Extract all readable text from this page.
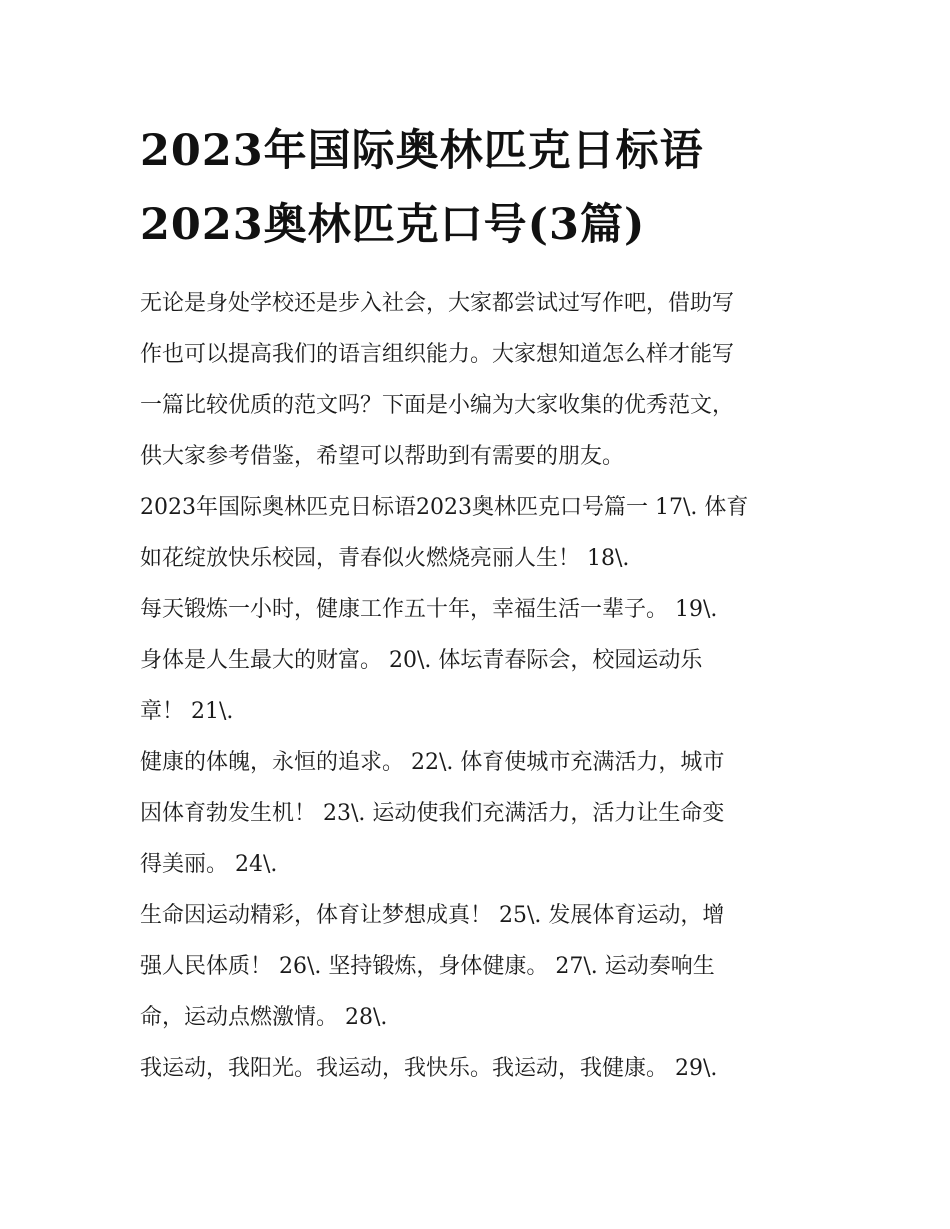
2023年国际奥林匹克日标语
2023奥林匹克口号(3篇)
无论是身处学校还是步入社会，大家都尝试过写作吧，借助写
作也可以提高我们的语言组织能力。大家想知道怎么样才能写
一篇比较优质的范文吗？下面是小编为大家收集的优秀范文，
供大家参考借鉴，希望可以帮助到有需要的朋友。
2023年国际奥林匹克日标语2023奥林匹克口号篇一 17\. 体育
如花绽放快乐校园，青春似火燃烧亮丽人生！ 18\.
每天锻炼一小时，健康工作五十年，幸福生活一辈子。 19\.
身体是人生最大的财富。 20\. 体坛青春际会，校园运动乐
章！ 21\.
健康的体魄，永恒的追求。 22\. 体育使城市充满活力，城市
因体育勃发生机！ 23\. 运动使我们充满活力，活力让生命变
得美丽。 24\.
生命因运动精彩，体育让梦想成真！ 25\. 发展体育运动，增
强人民体质！ 26\. 坚持锻炼，身体健康。 27\. 运动奏响生
命，运动点燃激情。 28\.
我运动，我阳光。我运动，我快乐。我运动，我健康。 29\.
